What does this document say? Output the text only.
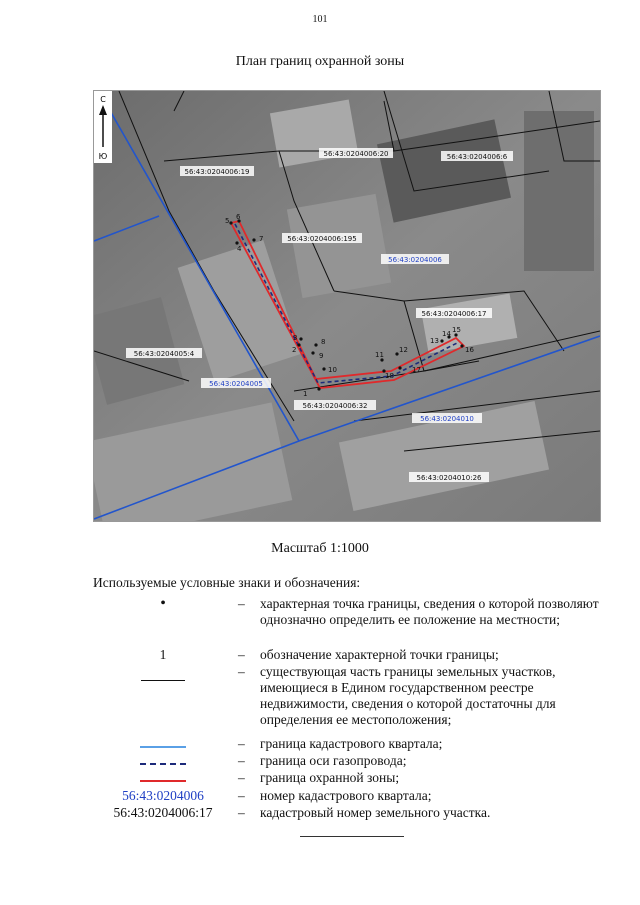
101
План границ охранной зоны
С
Ю
56:43:0204006:19
56:43:0204006:20	56:43:0204006:6
56:43:0204006:195
56:43:0204006:17
56:43:0204005:4
56:43:0204006:32
56:43:0204010:26
56:43:0204006
56:43:0204005
56:43:0204010
1
2
3
4
5 6
7
8
9
10
11
12
13
14 15
16
17
18
Масштаб 1:1000
Используемые условные знаки и обозначения:
•	– характерная точка границы, сведения о которой позволяют однозначно определить ее положение на местности;
1	– обозначение характерной точки границы;
– существующая часть границы земельных участков, имеющиеся в Едином государственном реестре недвижимости, сведения о которой достаточны для определения ее местоположения;
– граница кадастрового квартала;
– граница оси газопровода;
– граница охранной зоны;
56:43:0204006	– номер кадастрового квартала;
56:43:0204006:17	– кадастровый номер земельного участка.
